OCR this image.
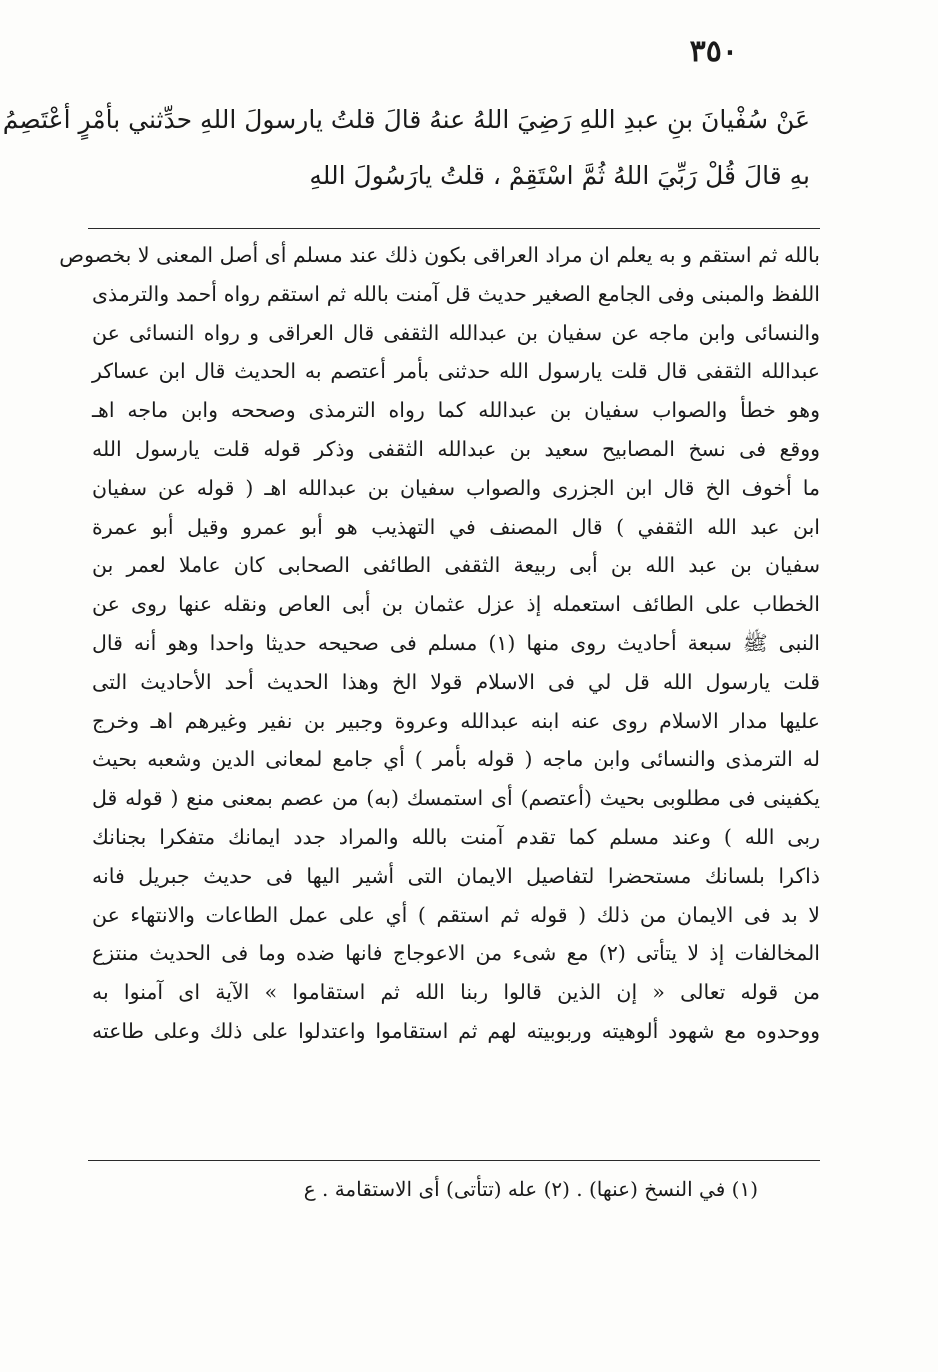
٣٥٠
عَنْ سُفْيانَ بنِ عبدِ اللهِ رَضِيَ اللهُ عنهُ قالَ قلتُ يارسولَ اللهِ حدِّثني بأمْرٍ أعْتَصِمُ
بهِ قالَ قُلْ رَبِّيَ اللهُ ثُمَّ اسْتَقِمْ ، قلتُ يارَسُولَ اللهِ
بالله ثم استقم و به يعلم ان مراد العراقى بكون ذلك عند مسلم أى أصل المعنى لا بخصوص
اللفظ والمبنى وفى الجامع الصغير حديث قل آمنت بالله ثم استقم رواه أحمد والترمذى
والنسائى وابن ماجه عن سفيان بن عبدالله الثقفى قال العراقى و رواه النسائى عن
عبدالله الثقفى قال قلت يارسول الله حدثنى بأمر أعتصم به الحديث قال ابن عساكر
وهو خطأ والصواب سفيان بن عبدالله كما رواه الترمذى وصححه وابن ماجه اهـ
ووقع فى نسخ المصابيح سعيد بن عبدالله الثقفى وذكر قوله قلت يارسول الله
ما أخوف الخ قال ابن الجزرى والصواب سفيان بن عبدالله اهـ ( قوله عن سفيان
ابن عبد الله الثقفي ) قال المصنف في التهذيب هو أبو عمرو وقيل أبو عمرة
سفيان بن عبد الله بن أبى ربيعة الثقفى الطائفى الصحابى كان عاملا لعمر بن
الخطاب على الطائف استعمله إذ عزل عثمان بن أبى العاص ونقله عنها روى عن
النبى ﷺ سبعة أحاديث روى منها (١) مسلم فى صحيحه حديثا واحدا وهو أنه قال
قلت يارسول الله قل لي فى الاسلام قولا الخ وهذا الحديث أحد الأحاديث التى
عليها مدار الاسلام روى عنه ابنه عبدالله وعروة وجبير بن نفير وغيرهم اهـ وخرج
له الترمذى والنسائى وابن ماجه ( قوله بأمر ) أي جامع لمعانى الدين وشعبه بحيث
يكفينى فى مطلوبى بحيث (أعتصم) أى استمسك (به) من عصم بمعنى منع ( قوله قل
ربى الله ) وعند مسلم كما تقدم آمنت بالله والمراد جدد ايمانك متفكرا بجنانك
ذاكرا بلسانك مستحضرا لتفاصيل الايمان التى أشير اليها فى حديث جبريل فانه
لا بد فى الايمان من ذلك ( قوله ثم استقم ) أي على عمل الطاعات والانتهاء عن
المخالفات إذ لا يتأتى (٢) مع شىء من الاعوجاج فانها ضده وما فى الحديث منتزع
من قوله تعالى « إن الذين قالوا ربنا الله ثم استقاموا » الآية اى آمنوا به
ووحدوه مع شهود ألوهيته وربوبيته لهم ثم استقاموا واعتدلوا على ذلك وعلى طاعته
(١) في النسخ (عنها) . (٢) عله (تتأتى) أى الاستقامة . ع
